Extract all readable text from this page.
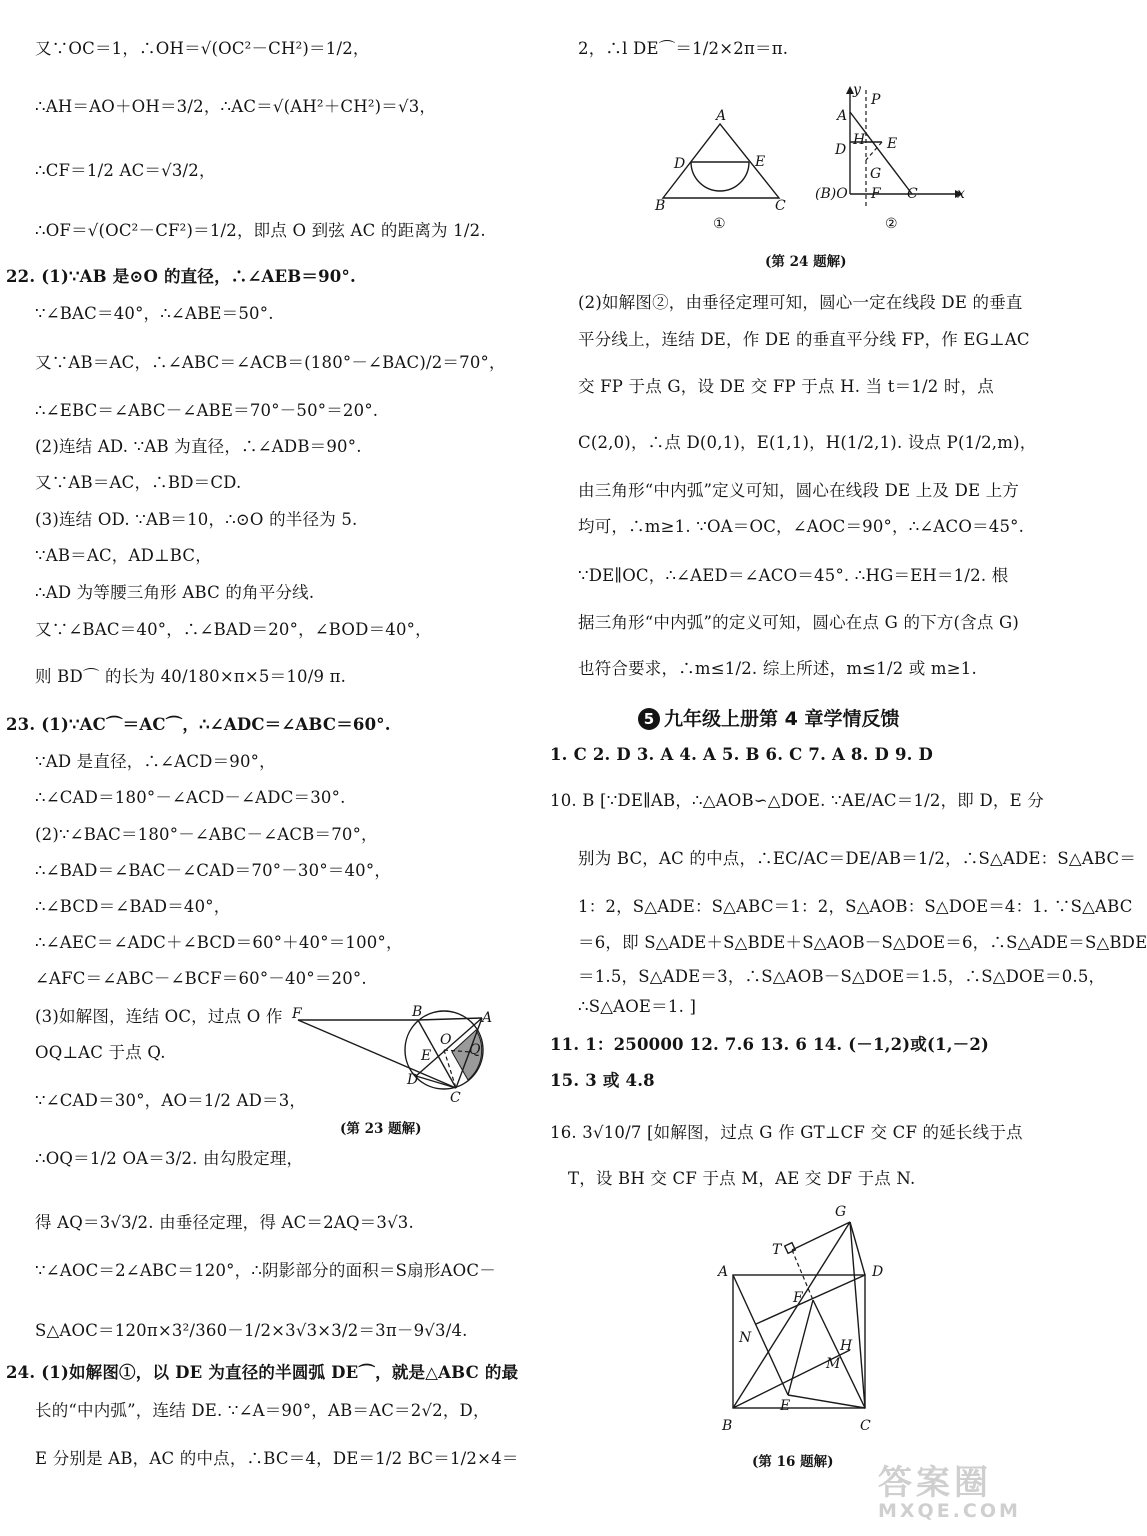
又∵OC＝1，∴OH＝√(OC²－CH²)＝1/2，
∴AH＝AO＋OH＝3/2，∴AC＝√(AH²＋CH²)＝√3，
∴CF＝1/2 AC＝√3/2，
∴OF＝√(OC²－CF²)＝1/2，即点 O 到弦 AC 的距离为 1/2.
22. (1)∵AB 是⊙O 的直径，∴∠AEB＝90°.
∵∠BAC＝40°，∴∠ABE＝50°.
又∵AB＝AC，∴∠ABC＝∠ACB＝(180°－∠BAC)/2＝70°，
∴∠EBC＝∠ABC－∠ABE＝70°－50°＝20°.
(2)连结 AD. ∵AB 为直径，∴∠ADB＝90°.
又∵AB＝AC，∴BD＝CD.
(3)连结 OD. ∵AB＝10，∴⊙O 的半径为 5.
∵AB＝AC，AD⊥BC，
∴AD 为等腰三角形 ABC 的角平分线.
又∵∠BAC＝40°，∴∠BAD＝20°，∠BOD＝40°，
则 BD⌒ 的长为 40/180×π×5＝10/9 π.
23. (1)∵AC⌒＝AC⌒，∴∠ADC＝∠ABC＝60°.
∵AD 是直径，∴∠ACD＝90°，
∴∠CAD＝180°－∠ACD－∠ADC＝30°.
(2)∵∠BAC＝180°－∠ABC－∠ACB＝70°，
∴∠BAD＝∠BAC－∠CAD＝70°－30°＝40°，
∴∠BCD＝∠BAD＝40°，
∴∠AEC＝∠ADC＋∠BCD＝60°＋40°＝100°，
∠AFC＝∠ABC－∠BCF＝60°－40°＝20°.
(3)如解图，连结 OC，过点 O 作
OQ⊥AC 于点 Q.
∵∠CAD＝30°，AO＝1/2 AD＝3，
F	B	A
O
E	Q
D
C
(第 23 题解)
∴OQ＝1/2 OA＝3/2. 由勾股定理，
得 AQ＝3√3/2. 由垂径定理，得 AC＝2AQ＝3√3.
∵∠AOC＝2∠ABC＝120°，∴阴影部分的面积＝S扇形AOC－
S△AOC＝120π×3²/360－1/2×3√3×3/2＝3π－9√3/4.
24. (1)如解图①，以 DE 为直径的半圆弧 DE⌒，就是△ABC 的最
长的“中内弧”，连结 DE. ∵∠A＝90°，AB＝AC＝2√2，D，
E 分别是 AB，AC 的中点，∴BC＝4，DE＝1/2 BC＝1/2×4＝
2，∴l DE⌒＝1/2×2π＝π.
A
D	E
B	C
①
y
P
A
H E
D
G
(B)O F C	x
②
(第 24 题解)
(2)如解图②，由垂径定理可知，圆心一定在线段 DE 的垂直
平分线上，连结 DE，作 DE 的垂直平分线 FP，作 EG⊥AC
交 FP 于点 G，设 DE 交 FP 于点 H. 当 t＝1/2 时，点
C(2,0)，∴点 D(0,1)，E(1,1)，H(1/2,1). 设点 P(1/2,m)，
由三角形“中内弧”定义可知，圆心在线段 DE 上及 DE 上方
均可，∴m≥1. ∵OA＝OC，∠AOC＝90°，∴∠ACO＝45°.
∵DE∥OC，∴∠AED＝∠ACO＝45°. ∴HG＝EH＝1/2. 根
据三角形“中内弧”的定义可知，圆心在点 G 的下方(含点 G)
也符合要求，∴m≤1/2. 综上所述，m≤1/2 或 m≥1.
5 九年级上册第 4 章学情反馈
1. C 2. D 3. A 4. A 5. B 6. C 7. A 8. D 9. D
10. B [∵DE∥AB，∴△AOB∽△DOE. ∵AE/AC＝1/2，即 D，E 分
别为 BC，AC 的中点，∴EC/AC＝DE/AB＝1/2，∴S△ADE：S△ABC＝
1：2，S△ADE：S△ABC＝1：2，S△AOB：S△DOE＝4：1. ∵S△ABC
＝6，即 S△ADE＋S△BDE＋S△AOB－S△DOE＝6，∴S△ADE＝S△BDE
＝1.5，S△ADE＝3，∴S△AOB－S△DOE＝1.5，∴S△DOE＝0.5，
∴S△AOE＝1. ]
11. 1：250000 12. 7.6 13. 6 14. (－1,2)或(1,－2)
15. 3 或 4.8
16. 3√10/7 [如解图，过点 G 作 GT⊥CF 交 CF 的延长线于点
T，设 BH 交 CF 于点 M，AE 交 DF 于点 N.
G
T
A	D
F
N	H
M
E
B	C
(第 16 题解)
答案圈
MXQE.COM
